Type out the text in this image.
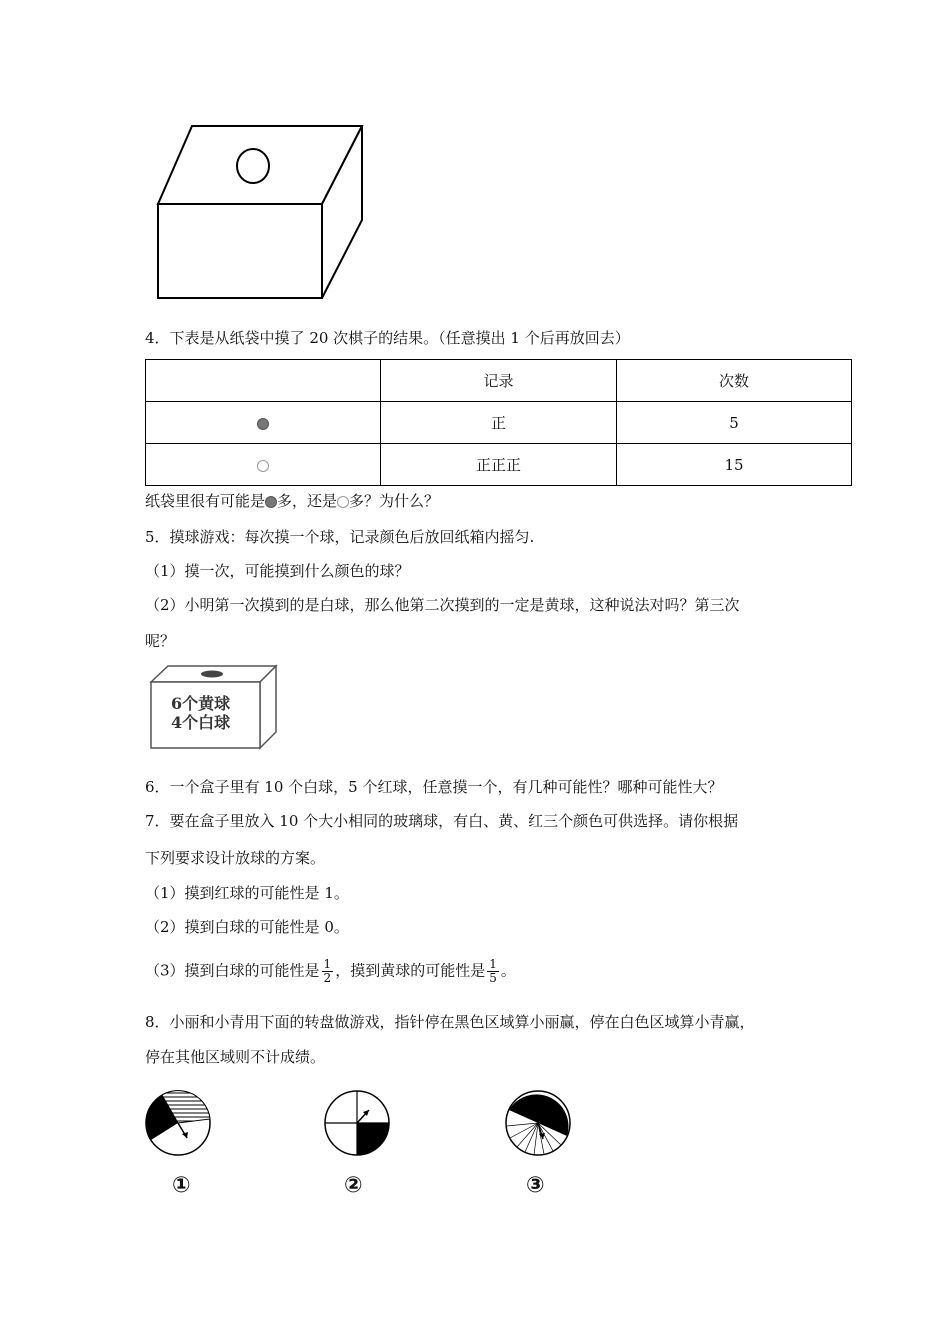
4．下表是从纸袋中摸了 20 次棋子的结果。（任意摸出 1 个后再放回去）
	记录	次数
	正	5
	正正正	15
纸袋里很有可能是 多，还是 多？为什么？
5．摸球游戏：每次摸一个球，记录颜色后放回纸箱内摇匀.
（1）摸一次，可能摸到什么颜色的球？
（2）小明第一次摸到的是白球，那么他第二次摸到的一定是黄球，这种说法对吗？第三次
呢？
6个黄球
4个白球
6．一个盒子里有 10 个白球，5 个红球，任意摸一个，有几种可能性？哪种可能性大？
7．要在盒子里放入 10 个大小相同的玻璃球，有白、黄、红三个颜色可供选择。请你根据
下列要求设计放球的方案。
（1）摸到红球的可能性是 1。
（2）摸到白球的可能性是 0。
（3）摸到白球的可能性是 $\frac{1}{2}$ ，摸到黄球的可能性是 $\frac{1}{5}$ 。
8．小丽和小青用下面的转盘做游戏，指针停在黑色区域算小丽赢，停在白色区域算小青赢，
停在其他区域则不计成绩。
①	②	③
